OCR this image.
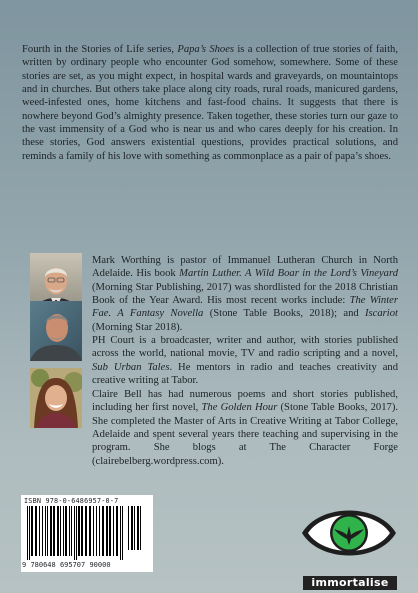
Fourth in the Stories of Life series, Papa’s Shoes is a collection of true stories of faith, written by ordinary people who encounter God somehow, somewhere. Some of these stories are set, as you might expect, in hospital wards and graveyards, on mountaintops and in churches. But others take place along city roads, rural roads, manicured gardens, weed-infested ones, home kitchens and fast-food chains. It suggests that there is nowhere beyond God’s almighty presence. Taken together, these stories turn our gaze to the vast immensity of a God who is near us and who cares deeply for his creation. In these stories, God answers existential questions, provides practical solutions, and reminds a family of his love with something as commonplace as a pair of papa’s shoes.
Mark Worthing is pastor of Immanuel Lutheran Church in North Adelaide. His book Martin Luther. A Wild Boar in the Lord’s Vineyard (Morning Star Publishing, 2017) was shordlisted for the 2018 Christian Book of the Year Award. His most recent works include: The Winter Fae. A Fantasy Novella (Stone Table Books, 2018); and Iscariot (Morning Star 2018).
PH Court is a broadcaster, writer and author, with stories published across the world, national movie, TV and radio scripting and a novel, Sub Urban Tales. He mentors in radio and teaches creativity and creative writing at Tabor.
Claire Bell has had numerous poems and short stories published, including her first novel, The Golden Hour (Stone Table Books, 2017). She completed the Master of Arts in Creative Writing at Tabor College, Adelaide and spent several years there teaching and supervising in the program. She blogs at The Character Forge (clairebelberg.wordpress.com).
ISBN 978-0-6486957-0-7
9 780648 695707 90000
immortalise
